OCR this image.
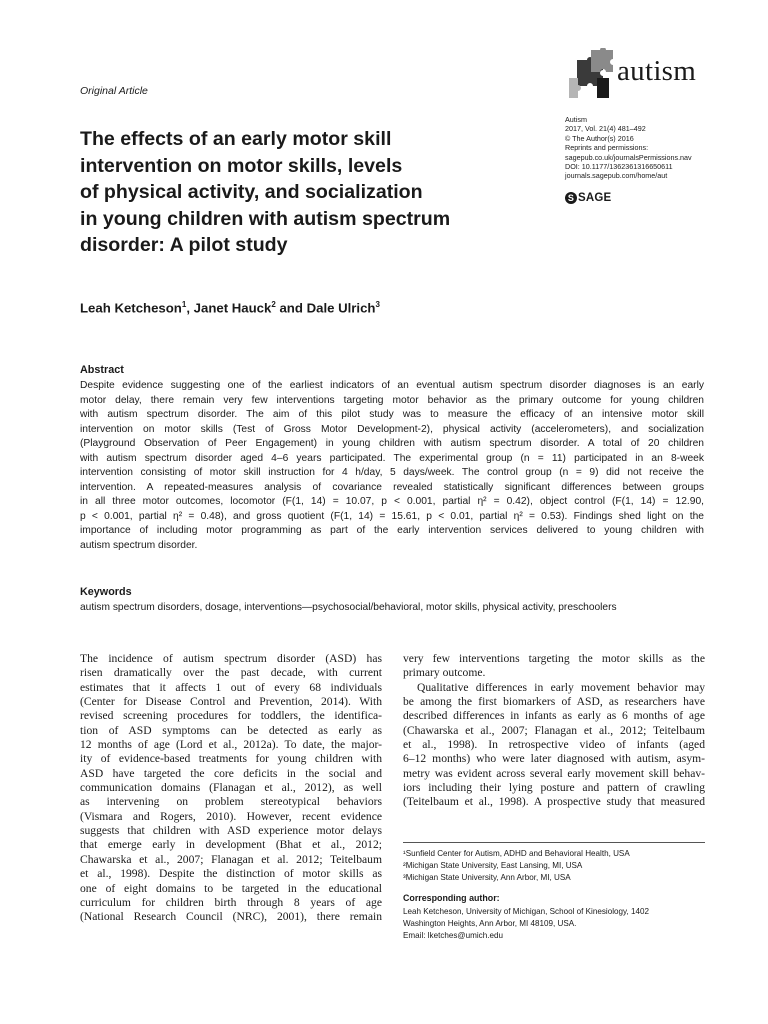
Original Article
autism
Autism
2017, Vol. 21(4) 481–492
© The Author(s) 2016
Reprints and permissions:
sagepub.co.uk/journalsPermissions.nav
DOI: 10.1177/1362361316650611
journals.sagepub.com/home/aut
S SAGE
The effects of an early motor skill
intervention on motor skills, levels
of physical activity, and socialization
in young children with autism spectrum
disorder: A pilot study
Leah Ketcheson$^1$, Janet Hauck$^2$ and Dale Ulrich$^3$
Abstract
Despite evidence suggesting one of the earliest indicators of an eventual autism spectrum disorder diagnoses is an early
motor delay, there remain very few interventions targeting motor behavior as the primary outcome for young children
with autism spectrum disorder. The aim of this pilot study was to measure the efficacy of an intensive motor skill
intervention on motor skills (Test of Gross Motor Development-2), physical activity (accelerometers), and socialization
(Playground Observation of Peer Engagement) in young children with autism spectrum disorder. A total of 20 children
with autism spectrum disorder aged 4–6 years participated. The experimental group (n = 11) participated in an 8-week
intervention consisting of motor skill instruction for 4 h/day, 5 days/week. The control group (n = 9) did not receive the
intervention. A repeated-measures analysis of covariance revealed statistically significant differences between groups
in all three motor outcomes, locomotor (F(1, 14) = 10.07, p < 0.001, partial η² = 0.42), object control (F(1, 14) = 12.90,
p < 0.001, partial η² = 0.48), and gross quotient (F(1, 14) = 15.61, p < 0.01, partial η² = 0.53). Findings shed light on the
importance of including motor programming as part of the early intervention services delivered to young children with
autism spectrum disorder.
Keywords
autism spectrum disorders, dosage, interventions—psychosocial/behavioral, motor skills, physical activity, preschoolers
The incidence of autism spectrum disorder (ASD) has
risen dramatically over the past decade, with current
estimates that it affects 1 out of every 68 individuals
(Center for Disease Control and Prevention, 2014). With
revised screening procedures for toddlers, the identifica-
tion of ASD symptoms can be detected as early as
12 months of age (Lord et al., 2012a). To date, the major-
ity of evidence-based treatments for young children with
ASD have targeted the core deficits in the social and
communication domains (Flanagan et al., 2012), as well
as intervening on problem stereotypical behaviors
(Vismara and Rogers, 2010). However, recent evidence
suggests that children with ASD experience motor delays
that emerge early in development (Bhat et al., 2012;
Chawarska et al., 2007; Flanagan et al. 2012; Teitelbaum
et al., 1998). Despite the distinction of motor skills as
one of eight domains to be targeted in the educational
curriculum for children birth through 8 years of age
(National Research Council (NRC), 2001), there remain
very few interventions targeting the motor skills as the
primary outcome.
Qualitative differences in early movement behavior may
be among the first biomarkers of ASD, as researchers have
described differences in infants as early as 6 months of age
(Chawarska et al., 2007; Flanagan et al., 2012; Teitelbaum
et al., 1998). In retrospective video of infants (aged
6–12 months) who were later diagnosed with autism, asym-
metry was evident across several early movement skill behav-
iors including their lying posture and pattern of crawling
(Teitelbaum et al., 1998). A prospective study that measured
¹Sunfield Center for Autism, ADHD and Behavioral Health, USA
²Michigan State University, East Lansing, MI, USA
³Michigan State University, Ann Arbor, MI, USA
Corresponding author:
Leah Ketcheson, University of Michigan, School of Kinesiology, 1402
Washington Heights, Ann Arbor, MI 48109, USA.
Email: lketches@umich.edu
